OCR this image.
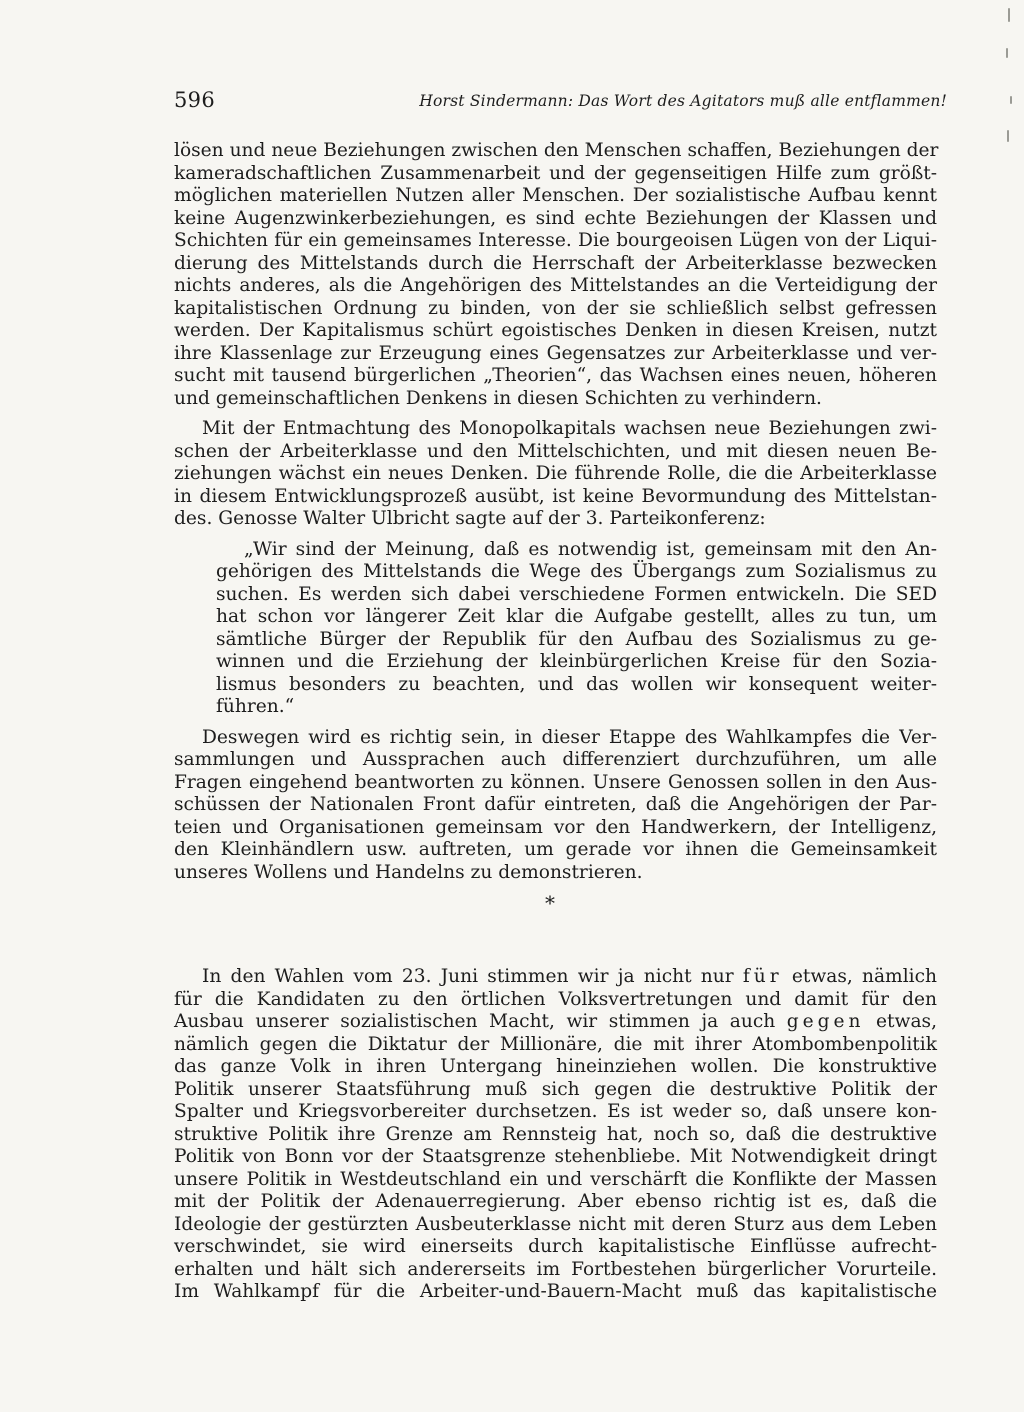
596	Horst Sindermann: Das Wort des Agitators muß alle entflammen!
lösen und neue Beziehungen zwischen den Menschen schaffen, Beziehungen der
kameradschaftlichen Zusammenarbeit und der gegenseitigen Hilfe zum größt-
möglichen materiellen Nutzen aller Menschen. Der sozialistische Aufbau kennt
keine Augenzwinkerbeziehungen, es sind echte Beziehungen der Klassen und
Schichten für ein gemeinsames Interesse. Die bourgeoisen Lügen von der Liqui-
dierung des Mittelstands durch die Herrschaft der Arbeiterklasse bezwecken
nichts anderes, als die Angehörigen des Mittelstandes an die Verteidigung der
kapitalistischen Ordnung zu binden, von der sie schließlich selbst gefressen
werden. Der Kapitalismus schürt egoistisches Denken in diesen Kreisen, nutzt
ihre Klassenlage zur Erzeugung eines Gegensatzes zur Arbeiterklasse und ver-
sucht mit tausend bürgerlichen „Theorien“, das Wachsen eines neuen, höheren
und gemeinschaftlichen Denkens in diesen Schichten zu verhindern.
Mit der Entmachtung des Monopolkapitals wachsen neue Beziehungen zwi-
schen der Arbeiterklasse und den Mittelschichten, und mit diesen neuen Be-
ziehungen wächst ein neues Denken. Die führende Rolle, die die Arbeiterklasse
in diesem Entwicklungsprozeß ausübt, ist keine Bevormundung des Mittelstan-
des. Genosse Walter Ulbricht sagte auf der 3. Parteikonferenz:
„Wir sind der Meinung, daß es notwendig ist, gemeinsam mit den An-
gehörigen des Mittelstands die Wege des Übergangs zum Sozialismus zu
suchen. Es werden sich dabei verschiedene Formen entwickeln. Die SED
hat schon vor längerer Zeit klar die Aufgabe gestellt, alles zu tun, um
sämtliche Bürger der Republik für den Aufbau des Sozialismus zu ge-
winnen und die Erziehung der kleinbürgerlichen Kreise für den Sozia-
lismus besonders zu beachten, und das wollen wir konsequent weiter-
führen.“
Deswegen wird es richtig sein, in dieser Etappe des Wahlkampfes die Ver-
sammlungen und Aussprachen auch differenziert durchzuführen, um alle
Fragen eingehend beantworten zu können. Unsere Genossen sollen in den Aus-
schüssen der Nationalen Front dafür eintreten, daß die Angehörigen der Par-
teien und Organisationen gemeinsam vor den Handwerkern, der Intelligenz,
den Kleinhändlern usw. auftreten, um gerade vor ihnen die Gemeinsamkeit
unseres Wollens und Handelns zu demonstrieren.
In den Wahlen vom 23. Juni stimmen wir ja nicht nur für etwas, nämlich
für die Kandidaten zu den örtlichen Volksvertretungen und damit für den
Ausbau unserer sozialistischen Macht, wir stimmen ja auch gegen etwas,
nämlich gegen die Diktatur der Millionäre, die mit ihrer Atombombenpolitik
das ganze Volk in ihren Untergang hineinziehen wollen. Die konstruktive
Politik unserer Staatsführung muß sich gegen die destruktive Politik der
Spalter und Kriegsvorbereiter durchsetzen. Es ist weder so, daß unsere kon-
struktive Politik ihre Grenze am Rennsteig hat, noch so, daß die destruktive
Politik von Bonn vor der Staatsgrenze stehenbliebe. Mit Notwendigkeit dringt
unsere Politik in Westdeutschland ein und verschärft die Konflikte der Massen
mit der Politik der Adenauerregierung. Aber ebenso richtig ist es, daß die
Ideologie der gestürzten Ausbeuterklasse nicht mit deren Sturz aus dem Leben
verschwindet, sie wird einerseits durch kapitalistische Einflüsse aufrecht-
erhalten und hält sich andererseits im Fortbestehen bürgerlicher Vorurteile.
Im Wahlkampf für die Arbeiter-und-Bauern-Macht muß das kapitalistische
*
